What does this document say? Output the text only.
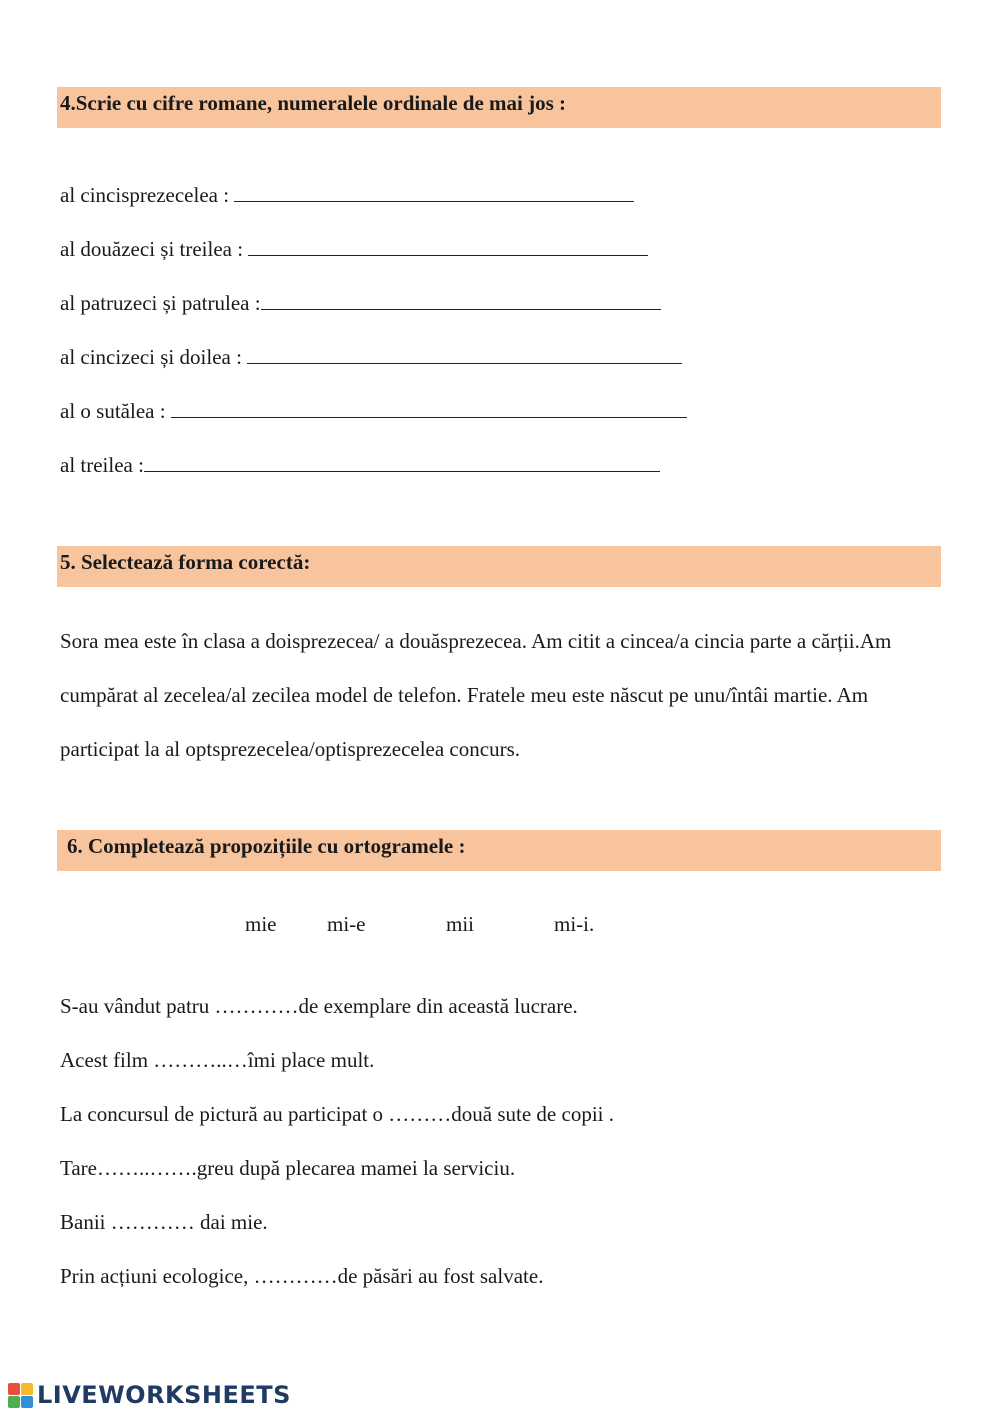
4.Scrie cu cifre romane, numeralele ordinale de mai jos :
al cincisprezecelea :
al douăzeci și treilea :
al patruzeci și patrulea :
al cincizeci și doilea :
al o sutălea :
al treilea :
5. Selectează forma corectă:
Sora mea este în clasa a doisprezecea/ a douăsprezecea. Am citit a cincea/a cincia parte a cărții.Am cumpărat al zecelea/al zecilea model de telefon. Fratele meu este născut pe unu/întâi martie. Am participat la al optsprezecelea/optisprezecelea concurs.
6. Completează propozițiile cu ortogramele :
mie mi-e	mii	mi-i.
S-au vândut patru …………de exemplare din această lucrare.
Acest film ………..…îmi place mult.
La concursul de pictură au participat o ………două sute de copii .
Tare……..…….greu după plecarea mamei la serviciu.
Banii ………… dai mie.
Prin acțiuni ecologice, …………de păsări au fost salvate.
LIVEWORKSHEETS
